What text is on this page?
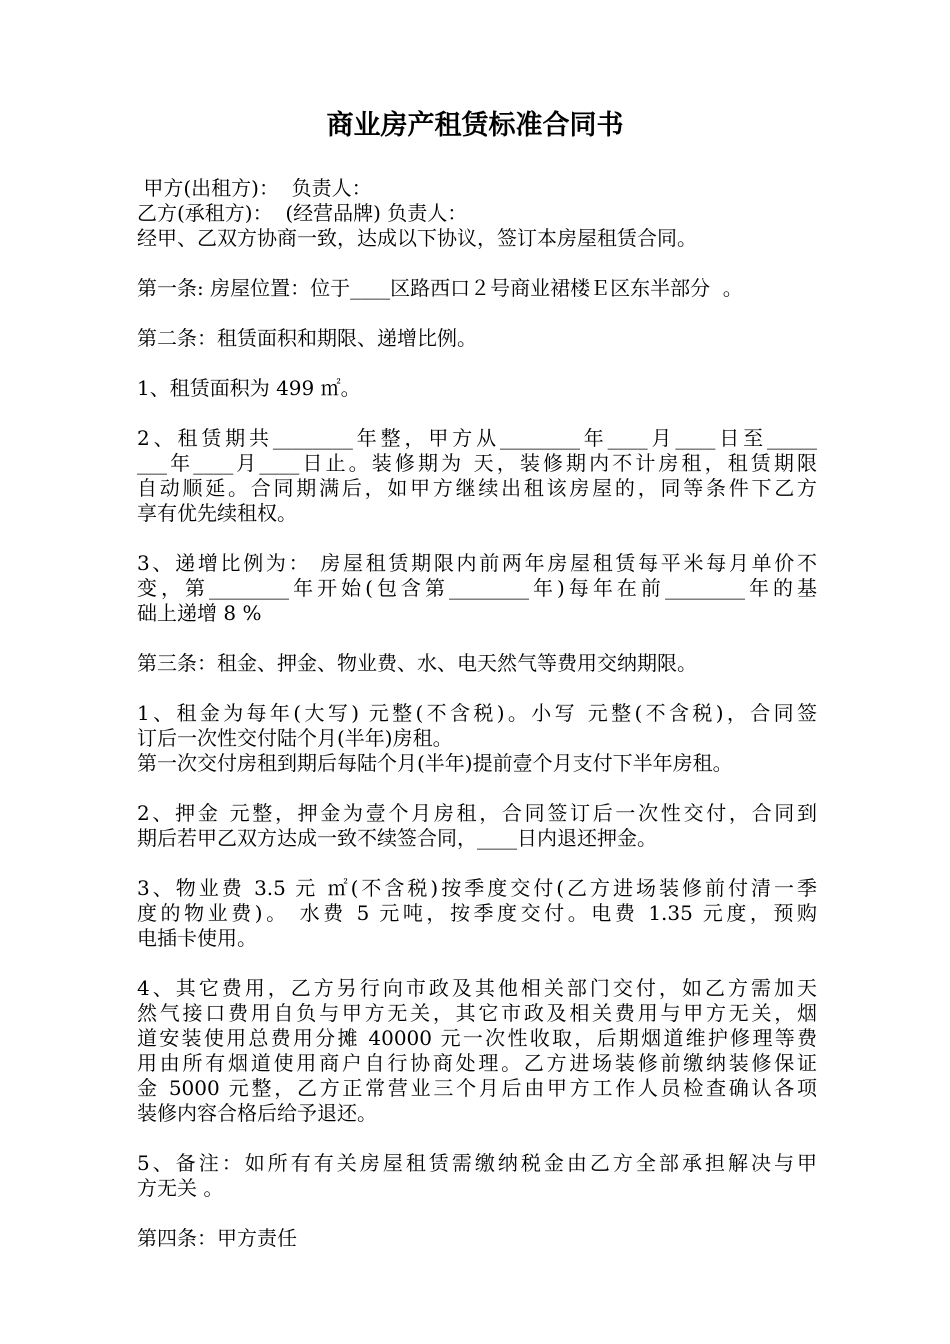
商业房产租赁标准合同书
甲方(出租方)：  负责人：
乙方(承租方)：  (经营品牌) 负责人：
经甲、乙双方协商一致，达成以下协议，签订本房屋租赁合同。
第一条: 房屋位置：位于____区路西口２号商业裙楼Ｅ区东半部分  。
第二条：租赁面积和期限、递增比例。
1、租赁面积为 499 ㎡。
2、租赁期共________年整，甲方从________年____月____日至_____
___年____月____日止。装修期为 天，装修期内不计房租，租赁期限
自动顺延。合同期满后，如甲方继续出租该房屋的，同等条件下乙方
享有优先续租权。
3、递增比例为： 房屋租赁期限内前两年房屋租赁每平米每月单价不
变，第________年开始(包含第________年)每年在前________年的基
础上递增 8 %
第三条：租金、押金、物业费、水、电天然气等费用交纳期限。
1、租金为每年(大写) 元整(不含税)。小写 元整(不含税)，合同签
订后一次性交付陆个月(半年)房租。
第一次交付房租到期后每陆个月(半年)提前壹个月支付下半年房租。
2、押金 元整，押金为壹个月房租，合同签订后一次性交付，合同到
期后若甲乙双方达成一致不续签合同，____日内退还押金。
3、物业费 3.5 元 ㎡(不含税)按季度交付(乙方进场装修前付清一季
度的物业费)。 水费 5 元吨，按季度交付。电费 1.35 元度，预购
电插卡使用。
4、其它费用，乙方另行向市政及其他相关部门交付，如乙方需加天
然气接口费用自负与甲方无关，其它市政及相关费用与甲方无关，烟
道安装使用总费用分摊 40000 元一次性收取，后期烟道维护修理等费
用由所有烟道使用商户自行协商处理。乙方进场装修前缴纳装修保证
金 5000 元整，乙方正常营业三个月后由甲方工作人员检查确认各项
装修内容合格后给予退还。
5、备注：如所有有关房屋租赁需缴纳税金由乙方全部承担解决与甲
方无关 。
第四条：甲方责任
